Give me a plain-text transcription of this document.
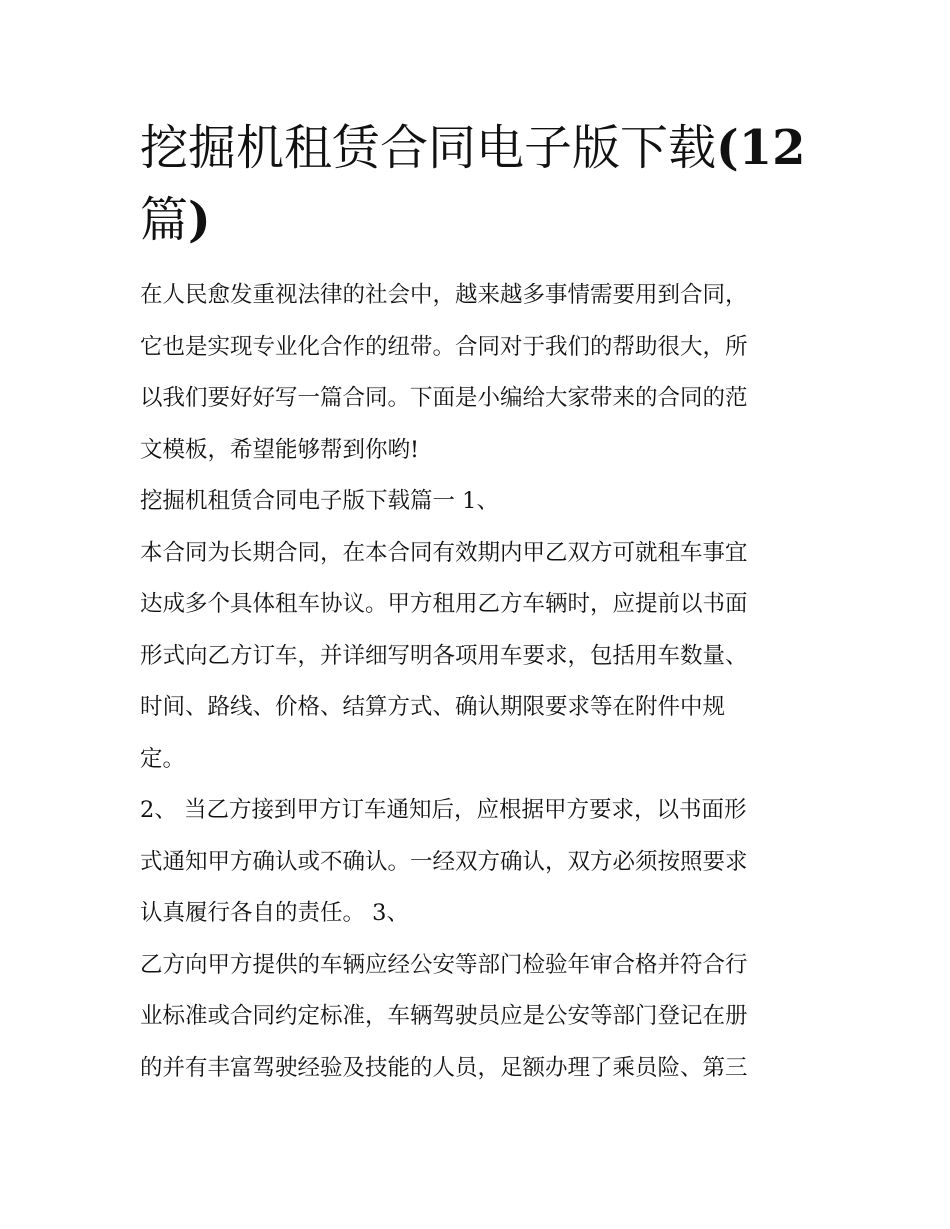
挖掘机租赁合同电子版下载(12
篇)

在人民愈发重视法律的社会中，越来越多事情需要用到合同，
它也是实现专业化合作的纽带。合同对于我们的帮助很大，所
以我们要好好写一篇合同。下面是小编给大家带来的合同的范
文模板，希望能够帮到你哟!

挖掘机租赁合同电子版下载篇一 1、

本合同为长期合同，在本合同有效期内甲乙双方可就租车事宜
达成多个具体租车协议。甲方租用乙方车辆时，应提前以书面
形式向乙方订车，并详细写明各项用车要求，包括用车数量、
时间、路线、价格、结算方式、确认期限要求等在附件中规
定。

2、 当乙方接到甲方订车通知后，应根据甲方要求，以书面形
式通知甲方确认或不确认。一经双方确认，双方必须按照要求
认真履行各自的责任。 3、

乙方向甲方提供的车辆应经公安等部门检验年审合格并符合行
业标准或合同约定标准，车辆驾驶员应是公安等部门登记在册
的并有丰富驾驶经验及技能的人员，足额办理了乘员险、第三
